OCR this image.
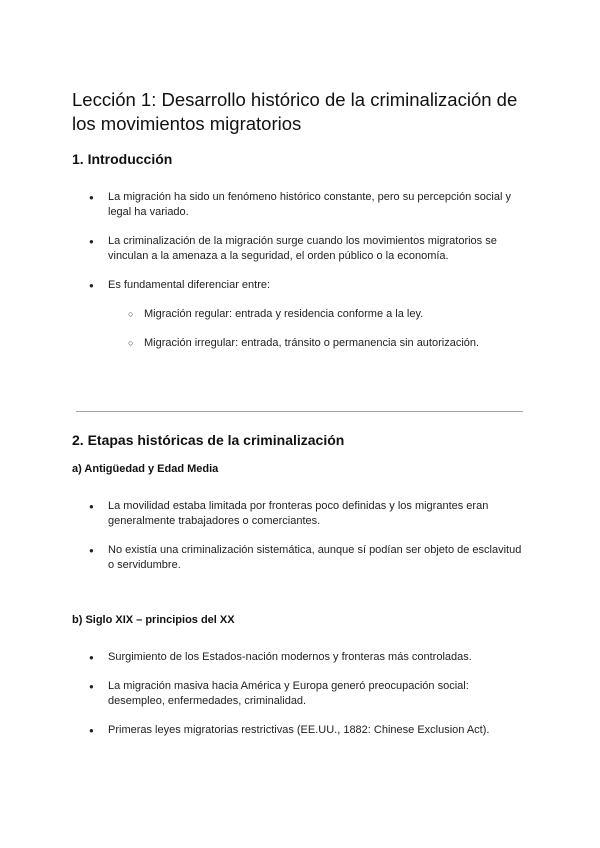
Lección 1: Desarrollo histórico de la criminalización de los movimientos migratorios
1. Introducción
● La migración ha sido un fenómeno histórico constante, pero su percepción social y legal ha variado.
● La criminalización de la migración surge cuando los movimientos migratorios se vinculan a la amenaza a la seguridad, el orden público o la economía.
● Es fundamental diferenciar entre:
○ Migración regular: entrada y residencia conforme a la ley.
○ Migración irregular: entrada, tránsito o permanencia sin autorización.
2. Etapas históricas de la criminalización
a) Antigüedad y Edad Media
● La movilidad estaba limitada por fronteras poco definidas y los migrantes eran generalmente trabajadores o comerciantes.
● No existía una criminalización sistemática, aunque sí podían ser objeto de esclavitud o servidumbre.
b) Siglo XIX – principios del XX
● Surgimiento de los Estados-nación modernos y fronteras más controladas.
● La migración masiva hacia América y Europa generó preocupación social: desempleo, enfermedades, criminalidad.
● Primeras leyes migratorias restrictivas (EE.UU., 1882: Chinese Exclusion Act).
